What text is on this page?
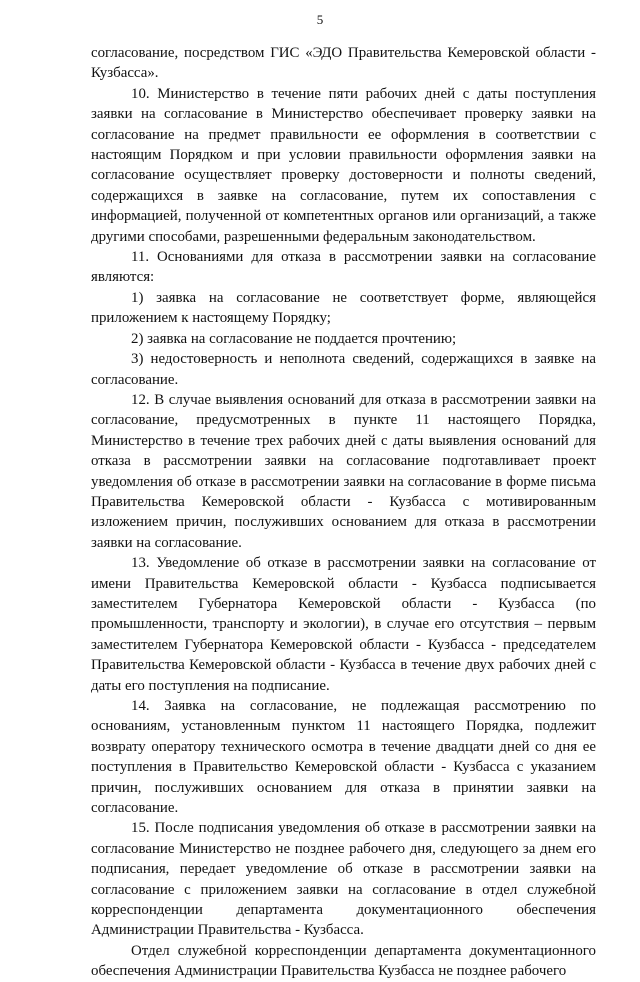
5

согласование, посредством ГИС «ЭДО Правительства Кемеровской области - Кузбасса».

10. Министерство в течение пяти рабочих дней с даты поступления заявки на согласование в Министерство обеспечивает проверку заявки на согласование на предмет правильности ее оформления в соответствии с настоящим Порядком и при условии правильности оформления заявки на согласование осуществляет проверку достоверности и полноты сведений, содержащихся в заявке на согласование, путем их сопоставления с информацией, полученной от компетентных органов или организаций, а также другими способами, разрешенными федеральным законодательством.

11. Основаниями для отказа в рассмотрении заявки на согласование являются:

1) заявка на согласование не соответствует форме, являющейся приложением к настоящему Порядку;

2) заявка на согласование не поддается прочтению;

3) недостоверность и неполнота сведений, содержащихся в заявке на согласование.

12. В случае выявления оснований для отказа в рассмотрении заявки на согласование, предусмотренных в пункте 11 настоящего Порядка, Министерство в течение трех рабочих дней с даты выявления оснований для отказа в рассмотрении заявки на согласование подготавливает проект уведомления об отказе в рассмотрении заявки на согласование в форме письма Правительства Кемеровской области - Кузбасса с мотивированным изложением причин, послуживших основанием для отказа в рассмотрении заявки на согласование.

13. Уведомление об отказе в рассмотрении заявки на согласование от имени Правительства Кемеровской области - Кузбасса подписывается заместителем Губернатора Кемеровской области - Кузбасса (по промышленности, транспорту и экологии), в случае его отсутствия – первым заместителем Губернатора Кемеровской области - Кузбасса - председателем Правительства Кемеровской области - Кузбасса в течение двух рабочих дней с даты его поступления на подписание.

14. Заявка на согласование, не подлежащая рассмотрению по основаниям, установленным пунктом 11 настоящего Порядка, подлежит возврату оператору технического осмотра в течение двадцати дней со дня ее поступления в Правительство Кемеровской области - Кузбасса с указанием причин, послуживших основанием для отказа в принятии заявки на согласование.

15. После подписания уведомления об отказе в рассмотрении заявки на согласование Министерство не позднее рабочего дня, следующего за днем его подписания, передает уведомление об отказе в рассмотрении заявки на согласование с приложением заявки на согласование в отдел служебной корреспонденции департамента документационного обеспечения Администрации Правительства - Кузбасса.

Отдел служебной корреспонденции департамента документационного обеспечения Администрации Правительства Кузбасса не позднее рабочего
